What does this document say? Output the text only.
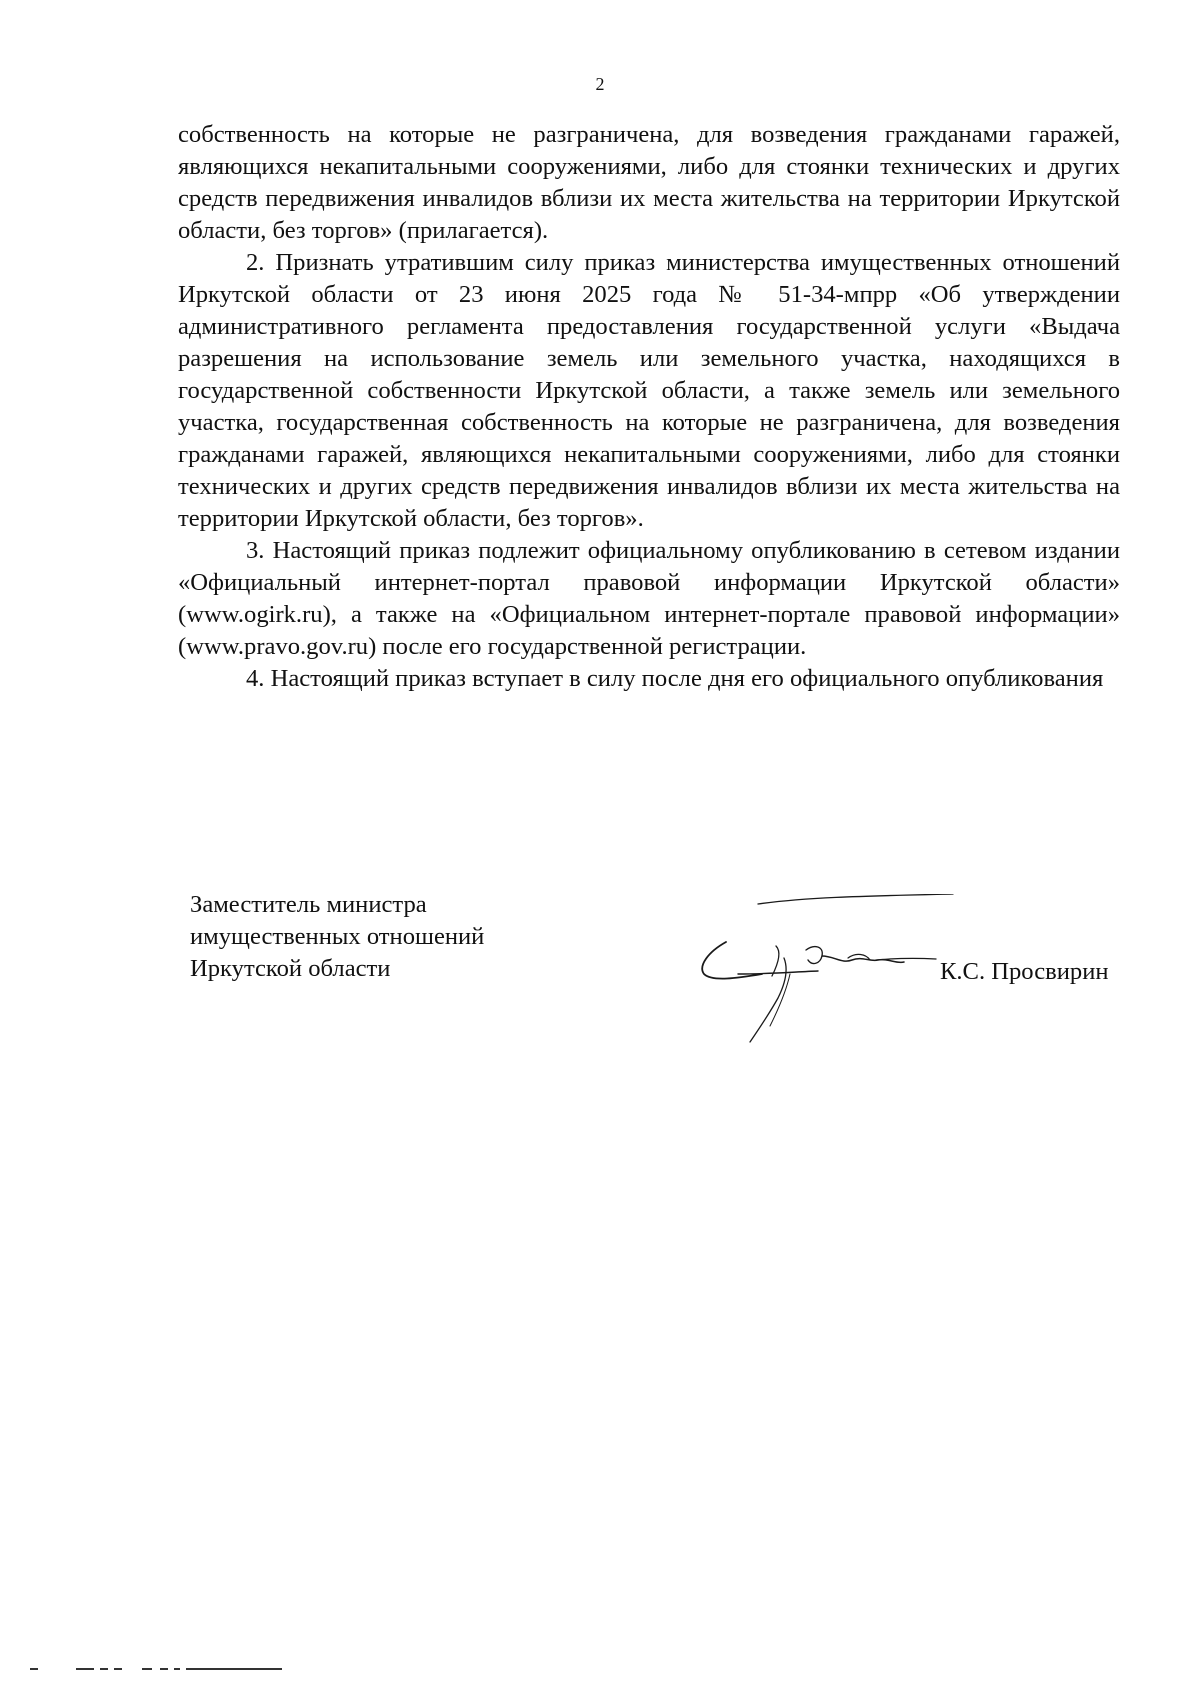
2

собственность на которые не разграничена, для возведения гражданами гаражей, являющихся некапитальными сооружениями, либо для стоянки технических и других средств передвижения инвалидов вблизи их места жительства на территории Иркутской области, без торгов» (прилагается).

2. Признать утратившим силу приказ министерства имущественных отношений Иркутской области от 23 июня 2025 года № 51-34-мпрр «Об утверждении административного регламента предоставления государственной услуги «Выдача разрешения на использование земель или земельного участка, находящихся в государственной собственности Иркутской области, а также земель или земельного участка, государственная собственность на которые не разграничена, для возведения гражданами гаражей, являющихся некапитальными сооружениями, либо для стоянки технических и других средств передвижения инвалидов вблизи их места жительства на территории Иркутской области, без торгов».

3. Настоящий приказ подлежит официальному опубликованию в сетевом издании «Официальный интернет-портал правовой информации Иркутской области» (www.ogirk.ru), а также на «Официальном интернет-портале правовой информации» (www.pravo.gov.ru) после его государственной регистрации.

4. Настоящий приказ вступает в силу после дня его официального опубликования

Заместитель министра
имущественных отношений
Иркутской области	К.С. Просвирин
